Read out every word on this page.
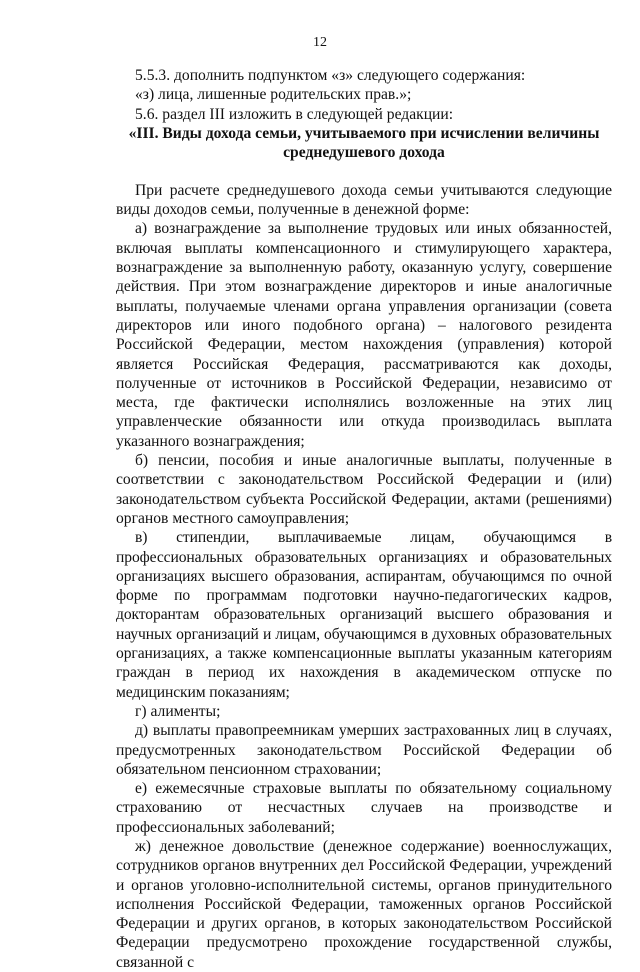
12

5.5.3. дополнить подпунктом «з» следующего содержания:

«з) лица, лишенные родительских прав.»;

5.6. раздел III изложить в следующей редакции:

«III. Виды дохода семьи, учитываемого при исчислении величины среднедушевого дохода

При расчете среднедушевого дохода семьи учитываются следующие виды доходов семьи, полученные в денежной форме:

а) вознаграждение за выполнение трудовых или иных обязанностей, включая выплаты компенсационного и стимулирующего характера, вознаграждение за выполненную работу, оказанную услугу, совершение действия. При этом вознаграждение директоров и иные аналогичные выплаты, получаемые членами органа управления организации (совета директоров или иного подобного органа) – налогового резидента Российской Федерации, местом нахождения (управления) которой является Российская Федерация, рассматриваются как доходы, полученные от источников в Российской Федерации, независимо от места, где фактически исполнялись возложенные на этих лиц управленческие обязанности или откуда производилась выплата указанного вознаграждения;

б) пенсии, пособия и иные аналогичные выплаты, полученные в соответствии с законодательством Российской Федерации и (или) законодательством субъекта Российской Федерации, актами (решениями) органов местного самоуправления;

в) стипендии, выплачиваемые лицам, обучающимся в профессиональных образовательных организациях и образовательных организациях высшего образования, аспирантам, обучающимся по очной форме по программам подготовки научно-педагогических кадров, докторантам образовательных организаций высшего образования и научных организаций и лицам, обучающимся в духовных образовательных организациях, а также компенсационные выплаты указанным категориям граждан в период их нахождения в академическом отпуске по медицинским показаниям;

г) алименты;

д) выплаты правопреемникам умерших застрахованных лиц в случаях, предусмотренных законодательством Российской Федерации об обязательном пенсионном страховании;

е) ежемесячные страховые выплаты по обязательному социальному страхованию от несчастных случаев на производстве и профессиональных заболеваний;

ж) денежное довольствие (денежное содержание) военнослужащих, сотрудников органов внутренних дел Российской Федерации, учреждений и органов уголовно-исполнительной системы, органов принудительного исполнения Российской Федерации, таможенных органов Российской Федерации и других органов, в которых законодательством Российской Федерации предусмотрено прохождение государственной службы, связанной с
